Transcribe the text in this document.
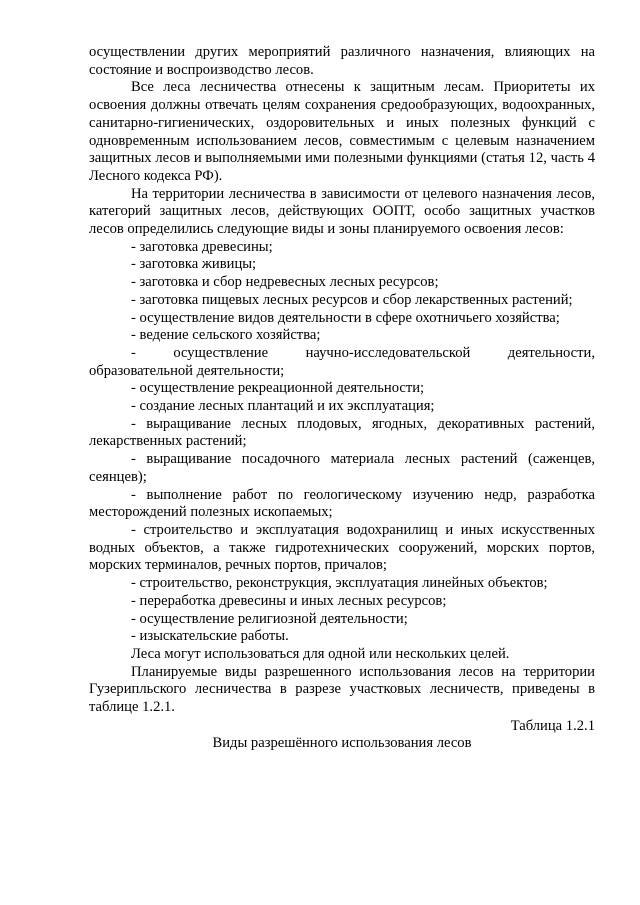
осуществлении других мероприятий различного назначения, влияющих на состояние и воспроизводство лесов.

Все леса лесничества отнесены к защитным лесам. Приоритеты их освоения должны отвечать целям сохранения средообразующих, водоохранных, санитарно-гигиенических, оздоровительных и иных полезных функций с одновременным использованием лесов, совместимым с целевым назначением защитных лесов и выполняемыми ими полезными функциями (статья 12, часть 4 Лесного кодекса РФ).

На территории лесничества в зависимости от целевого назначения лесов, категорий защитных лесов, действующих ООПТ, особо защитных участков лесов определились следующие виды и зоны планируемого освоения лесов:

- заготовка древесины;

- заготовка живицы;

- заготовка и сбор недревесных лесных ресурсов;

- заготовка пищевых лесных ресурсов и сбор лекарственных растений;

- осуществление видов деятельности в сфере охотничьего хозяйства;

- ведение сельского хозяйства;

- осуществление научно-исследовательской деятельности, образовательной деятельности;

- осуществление рекреационной деятельности;

- создание лесных плантаций и их эксплуатация;

- выращивание лесных плодовых, ягодных, декоративных растений, лекарственных растений;

- выращивание посадочного материала лесных растений (саженцев, сеянцев);

- выполнение работ по геологическому изучению недр, разработка месторождений полезных ископаемых;

- строительство и эксплуатация водохранилищ и иных искусственных водных объектов, а также гидротехнических сооружений, морских портов, морских терминалов, речных портов, причалов;

- строительство, реконструкция, эксплуатация линейных объектов;

- переработка древесины и иных лесных ресурсов;

- осуществление религиозной деятельности;

- изыскательские работы.

Леса могут использоваться для одной или нескольких целей.

Планируемые виды разрешенного использования лесов на территории Гузерипльского лесничества в разрезе участковых лесничеств, приведены в таблице 1.2.1.

Таблица 1.2.1

Виды разрешённого использования лесов
